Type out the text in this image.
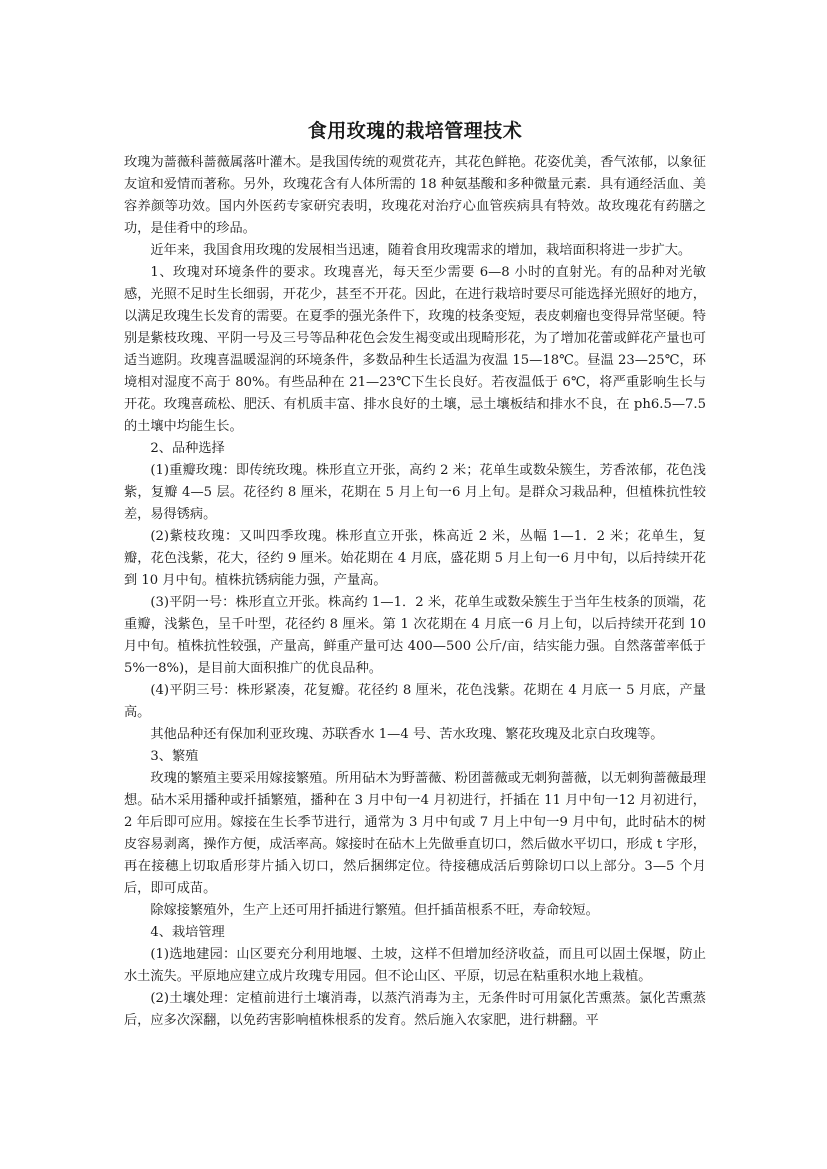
食用玫瑰的栽培管理技术

玫瑰为蔷薇科蔷薇属落叶灌木。是我国传统的观赏花卉，其花色鲜艳。花姿优美，香气浓郁，以象征友谊和爱情而著称。另外，玫瑰花含有人体所需的 18 种氨基酸和多种微量元素．具有通经活血、美容养颜等功效。国内外医药专家研究表明，玫瑰花对治疗心血管疾病具有特效。故玫瑰花有药膳之功，是佳肴中的珍品。

近年来，我国食用玫瑰的发展相当迅速，随着食用玫瑰需求的增加，栽培面积将进一步扩大。

1、玫瑰对环境条件的要求。玫瑰喜光，每天至少需要 6—8 小时的直射光。有的品种对光敏感，光照不足时生长细弱，开花少，甚至不开花。因此，在进行栽培时要尽可能选择光照好的地方，以满足玫瑰生长发育的需要。在夏季的强光条件下，玫瑰的枝条变短，表皮刺瘤也变得异常坚硬。特别是紫枝玫瑰、平阴一号及三号等品种花色会发生褐变或出现畸形花，为了增加花蕾或鲜花产量也可适当遮阴。玫瑰喜温暖湿润的环境条件，多数品种生长适温为夜温 15—18℃。昼温 23—25℃，环境相对湿度不高于 80%。有些品种在 21—23℃下生长良好。若夜温低于 6℃，将严重影响生长与开花。玫瑰喜疏松、肥沃、有机质丰富、排水良好的土壤，忌土壤板结和排水不良，在 ph6.5—7.5 的土壤中均能生长。

2、品种选择

(1)重瓣玫瑰：即传统玫瑰。株形直立开张，高约 2 米；花单生或数朵簇生，芳香浓郁，花色浅紫，复瓣 4—5 层。花径约 8 厘米，花期在 5 月上旬一6 月上旬。是群众习栽品种，但植株抗性较差，易得锈病。

(2)紫枝玫瑰：又叫四季玫瑰。株形直立开张，株高近 2 米，丛幅 1—1．2 米；花单生，复瓣，花色浅紫，花大，径约 9 厘米。始花期在 4 月底，盛花期 5 月上旬一6 月中旬，以后持续开花到 10 月中旬。植株抗锈病能力强，产量高。

(3)平阴一号：株形直立开张。株高约 1—1．2 米，花单生或数朵簇生于当年生枝条的顶端，花重瓣，浅紫色，呈千叶型，花径约 8 厘米。第 1 次花期在 4 月底一6 月上旬，以后持续开花到 10 月中旬。植株抗性较强，产量高，鲜重产量可达 400—500 公斤/亩，结实能力强。自然落蕾率低于 5%一8%)，是目前大面积推广的优良品种。

(4)平阴三号：株形紧凑，花复瓣。花径约 8 厘米，花色浅紫。花期在 4 月底一 5 月底，产量高。

其他品种还有保加利亚玫瑰、苏联香水 1—4 号、苦水玫瑰、繁花玫瑰及北京白玫瑰等。

3、繁殖

玫瑰的繁殖主要采用嫁接繁殖。所用砧木为野蔷薇、粉团蔷薇或无刺狗蔷薇，以无刺狗蔷薇最理想。砧木采用播种或扦插繁殖，播种在 3 月中旬一4 月初进行，扦插在 11 月中旬一12 月初进行，2 年后即可应用。嫁接在生长季节进行，通常为 3 月中旬或 7 月上中旬一9 月中旬，此时砧木的树皮容易剥离，操作方便，成活率高。嫁接时在砧木上先做垂直切口，然后做水平切口，形成 t 字形，再在接穗上切取盾形芽片插入切口，然后捆绑定位。待接穗成活后剪除切口以上部分。3—5 个月后，即可成苗。

除嫁接繁殖外，生产上还可用扦插进行繁殖。但扦插苗根系不旺，寿命较短。

4、栽培管理

(1)选地建园：山区要充分利用地堰、土坡，这样不但增加经济收益，而且可以固土保堰，防止水土流失。平原地应建立成片玫瑰专用园。但不论山区、平原，切忌在粘重积水地上栽植。

(2)土壤处理：定植前进行土壤消毒，以蒸汽消毒为主，无条件时可用氯化苦熏蒸。氯化苦熏蒸后，应多次深翻，以免药害影响植株根系的发育。然后施入农家肥，进行耕翻。平
